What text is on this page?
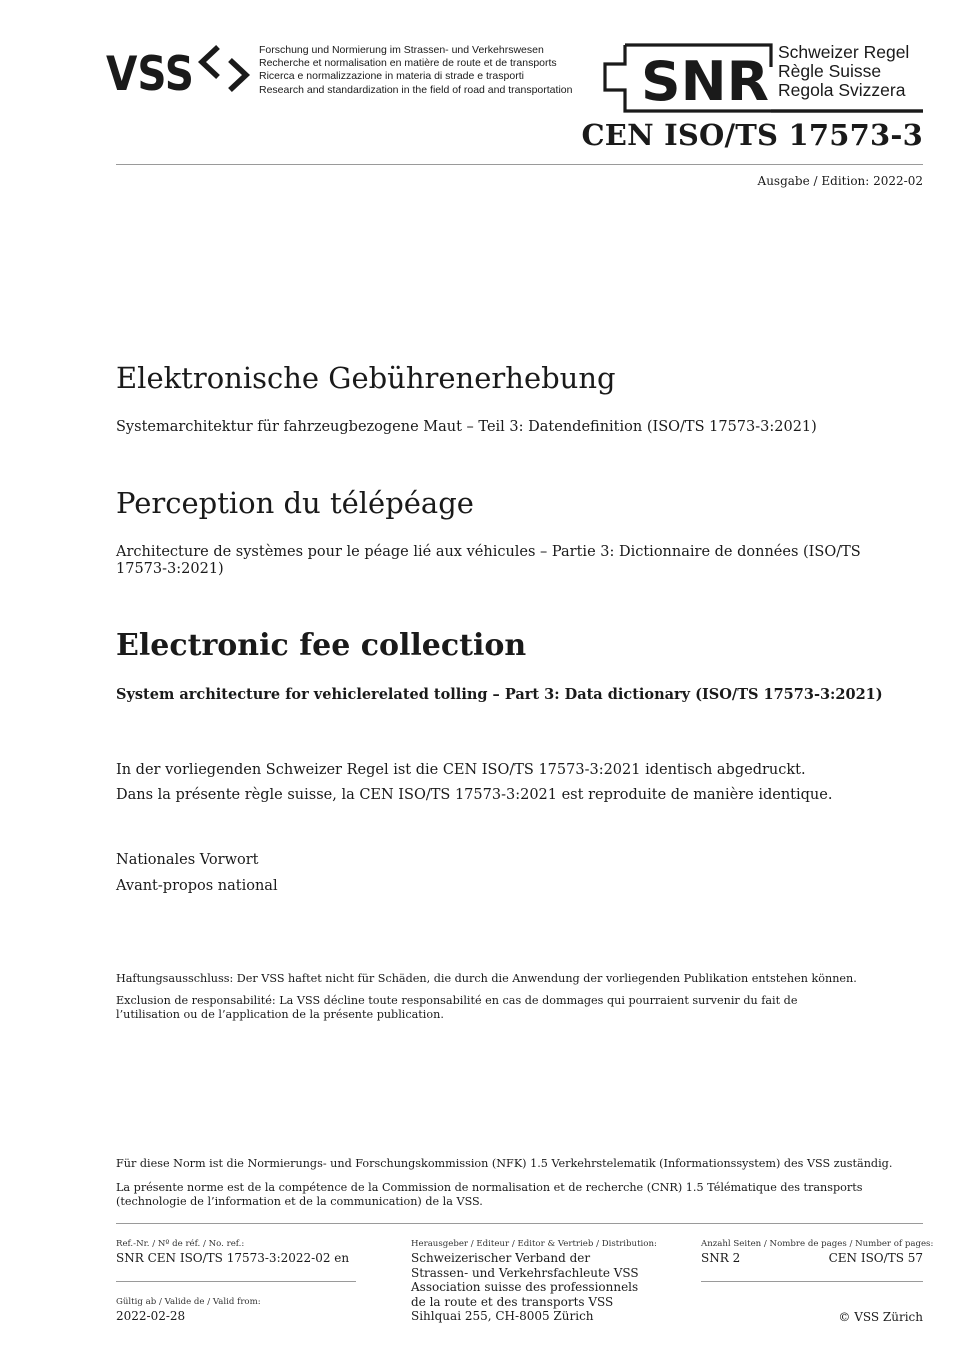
VSS	Forschung und Normierung im Strassen- und Verkehrswesen
Recherche et normalisation en matière de route et de transports
Ricerca e normalizzazione in materia di strade e trasporti
Research and standardization in the field of road and transportation SNR Schweizer Regel
Règle Suisse
Regola Svizzera
CEN ISO/TS 17573-3
Ausgabe / Edition: 2022-02
Elektronische Gebührenerhebung
Systemarchitektur für fahrzeugbezogene Maut – Teil 3: Datendefinition (ISO/TS 17573-3:2021)
Perception du télépéage
Architecture de systèmes pour le péage lié aux véhicules – Partie 3: Dictionnaire de données (ISO/TS 17573-3:2021)
Electronic fee collection
System architecture for vehiclerelated tolling – Part 3: Data dictionary (ISO/TS 17573-3:2021)
In der vorliegenden Schweizer Regel ist die CEN ISO/TS 17573-3:2021 identisch abgedruckt.
Dans la présente règle suisse, la CEN ISO/TS 17573-3:2021 est reproduite de manière identique.
Nationales Vorwort
Avant-propos national
Haftungsausschluss: Der VSS haftet nicht für Schäden, die durch die Anwendung der vorliegenden Publikation entstehen können.
Exclusion de responsabilité: La VSS décline toute responsabilité en cas de dommages qui pourraient survenir du fait de l’utilisation ou de l’application de la présente publication.
Für diese Norm ist die Normierungs- und Forschungskommission (NFK) 1.5 Verkehrstelematik (Informationssystem) des VSS zuständig.
La présente norme est de la compétence de la Commission de normalisation et de recherche (CNR) 1.5 Télématique des transports (technologie de l’information et de la communication) de la VSS.
Ref.-Nr. / Nº de réf. / No. ref.:
SNR CEN ISO/TS 17573-3:2022-02 en
Gültig ab / Valide de / Valid from:
2022-02-28
Herausgeber / Editeur / Editor & Vertrieb / Distribution:
Schweizerischer Verband der
Strassen- und Verkehrsfachleute VSS
Association suisse des professionnels
de la route et des transports VSS
Sihlquai 255, CH-8005 Zürich
Anzahl Seiten / Nombre de pages / Number of pages:
SNR 2	CEN ISO/TS 57
© VSS Zürich
